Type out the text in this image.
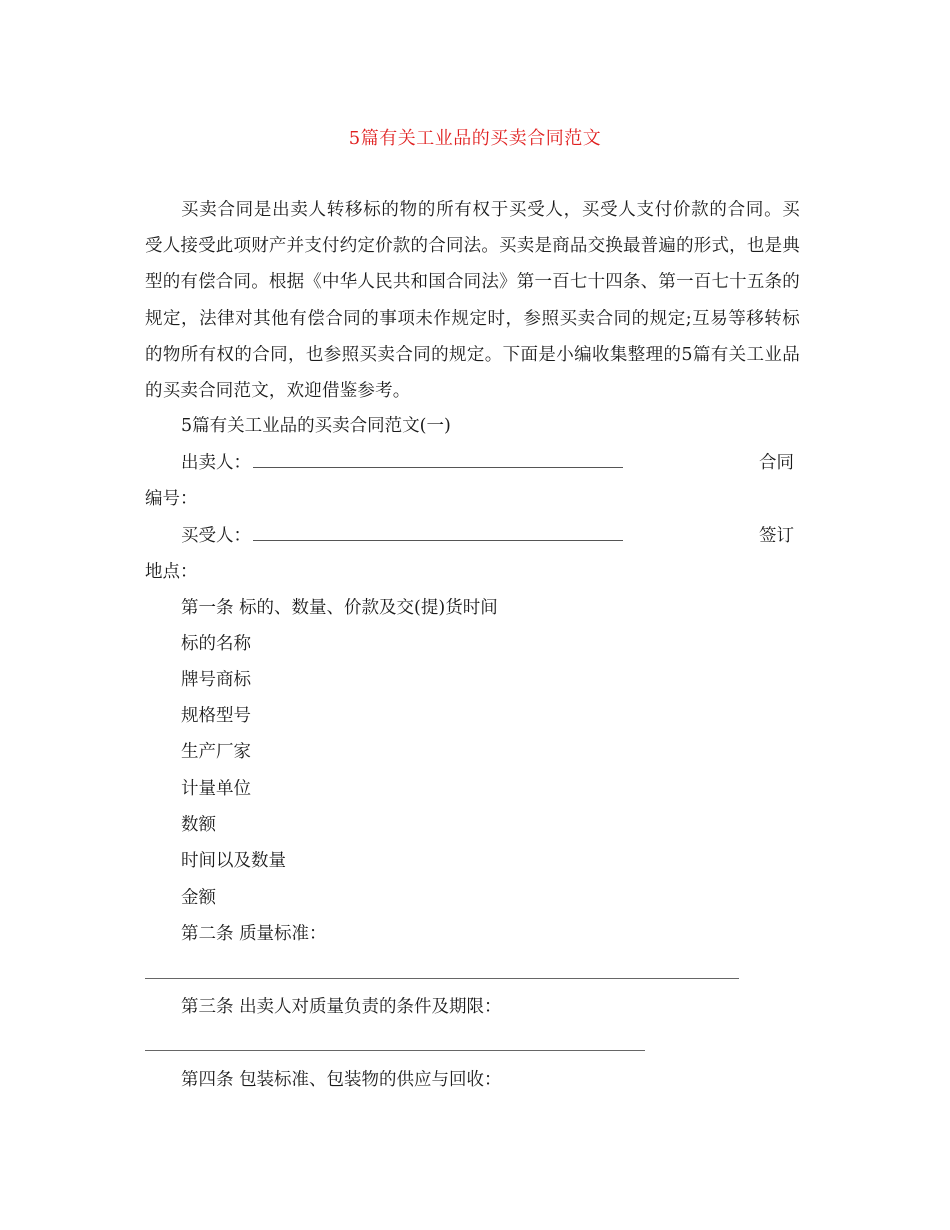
5篇有关工业品的买卖合同范文
买卖合同是出卖人转移标的物的所有权于买受人，买受人支付价款的合同。买受人接受此项财产并支付约定价款的合同法。买卖是商品交换最普遍的形式，也是典型的有偿合同。根据《中华人民共和国合同法》第一百七十四条、第一百七十五条的规定，法律对其他有偿合同的事项未作规定时，参照买卖合同的规定;互易等移转标的物所有权的合同，也参照买卖合同的规定。下面是小编收集整理的5篇有关工业品的买卖合同范文，欢迎借鉴参考。
5篇有关工业品的买卖合同范文(一)
出卖人：	合同
编号：
买受人：	签订
地点：
第一条 标的、数量、价款及交(提)货时间
标的名称
牌号商标
规格型号
生产厂家
计量单位
数额
时间以及数量
金额
第二条 质量标准：
第三条 出卖人对质量负责的条件及期限：
第四条 包装标准、包装物的供应与回收：
